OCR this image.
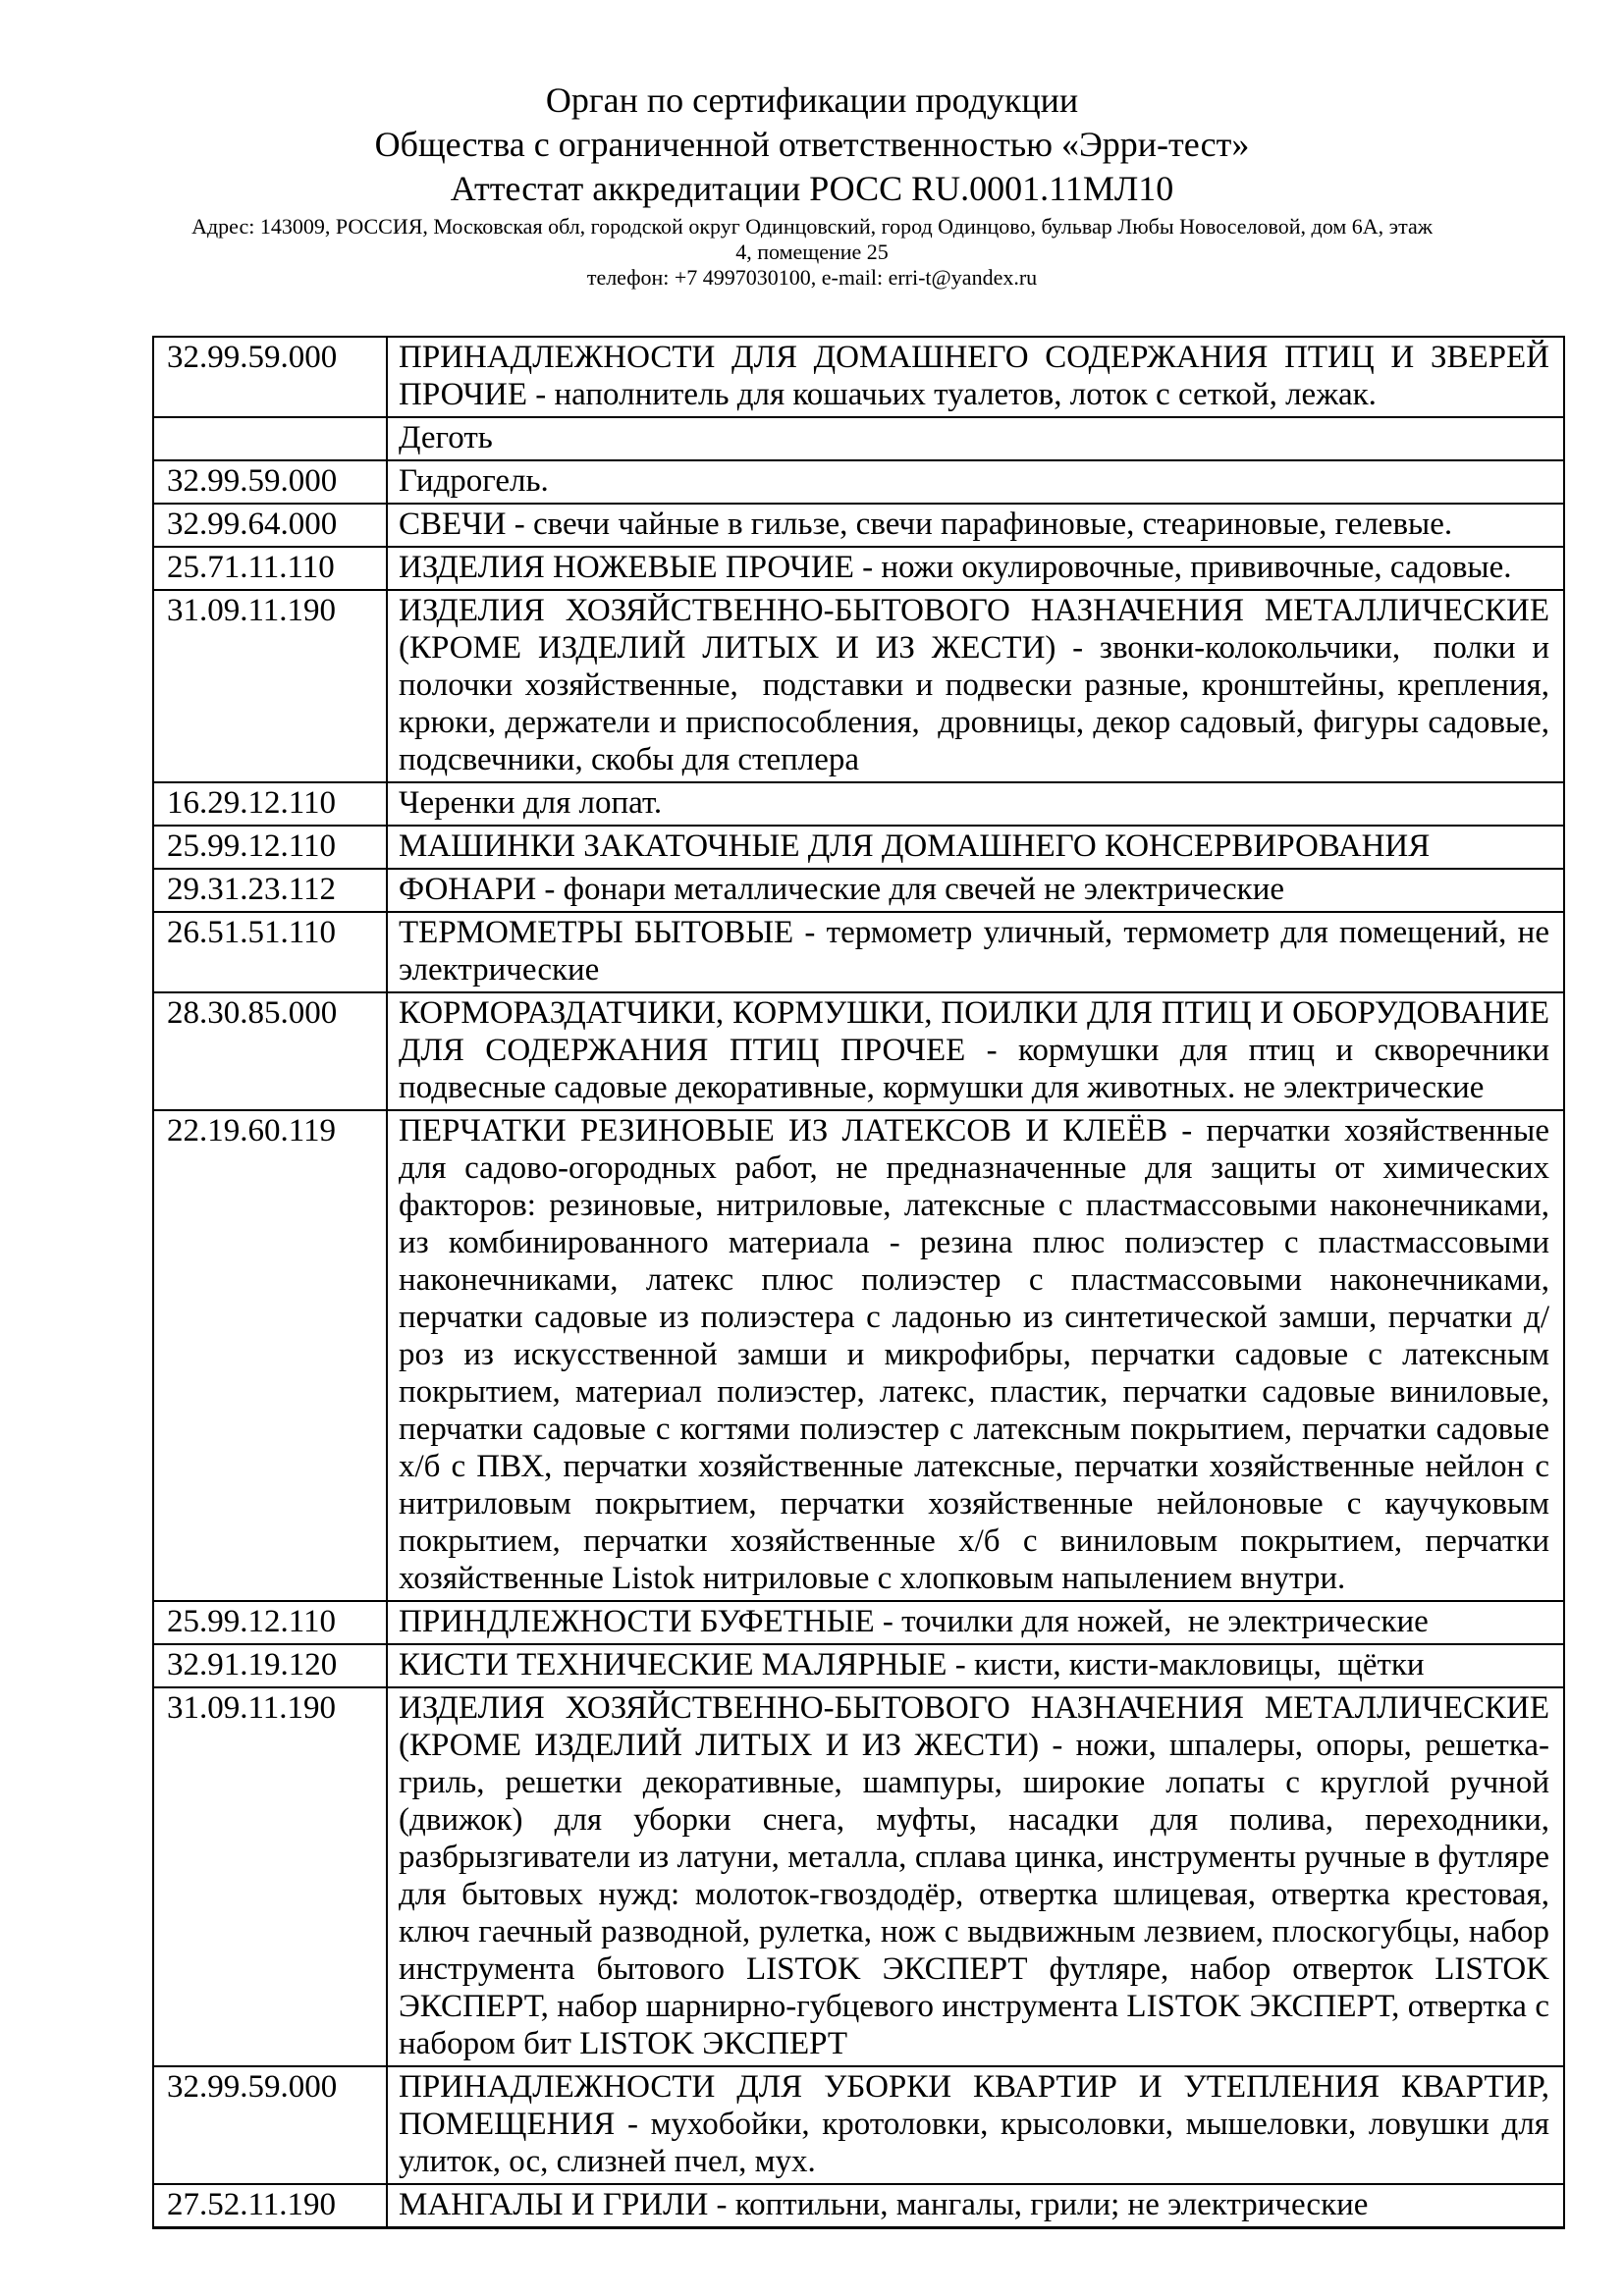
Орган по сертификации продукции
Общества с ограниченной ответственностью «Эрри-тест»
Аттестат аккредитации РОСС RU.0001.11МЛ10
Адрес: 143009, РОССИЯ, Московская обл, городской округ Одинцовский, город Одинцово, бульвар Любы Новоселовой, дом 6А, этаж 4, помещение 25
телефон: +7 4997030100, e-mail: erri-t@yandex.ru
32.99.59.000	ПРИНАДЛЕЖНОСТИ ДЛЯ ДОМАШНЕГО СОДЕРЖАНИЯ ПТИЦ И ЗВЕРЕЙ ПРОЧИЕ - наполнитель для кошачьих туалетов, лоток с сеткой, лежак.
	Деготь
32.99.59.000	Гидрогель.
32.99.64.000	СВЕЧИ - свечи чайные в гильзе, свечи парафиновые, стеариновые, гелевые.
25.71.11.110	ИЗДЕЛИЯ НОЖЕВЫЕ ПРОЧИЕ - ножи окулировочные, прививочные, садовые.
31.09.11.190	ИЗДЕЛИЯ ХОЗЯЙСТВЕННО-БЫТОВОГО НАЗНАЧЕНИЯ МЕТАЛЛИЧЕСКИЕ (КРОМЕ ИЗДЕЛИЙ ЛИТЫХ И ИЗ ЖЕСТИ) - звонки-колокольчики,  полки и полочки хозяйственные,  подставки и подвески разные, кронштейны, крепления, крюки, держатели и приспособления,  дровницы, декор садовый, фигуры садовые, подсвечники, скобы для степлера
16.29.12.110	Черенки для лопат.
25.99.12.110	МАШИНКИ ЗАКАТОЧНЫЕ ДЛЯ ДОМАШНЕГО КОНСЕРВИРОВАНИЯ
29.31.23.112	ФОНАРИ - фонари металлические для свечей не электрические
26.51.51.110	ТЕРМОМЕТРЫ БЫТОВЫЕ - термометр уличный, термометр для помещений, не электрические
28.30.85.000	КОРМОРАЗДАТЧИКИ, КОРМУШКИ, ПОИЛКИ ДЛЯ ПТИЦ И ОБОРУДОВАНИЕ ДЛЯ СОДЕРЖАНИЯ ПТИЦ ПРОЧЕЕ - кормушки для птиц и скворечники подвесные садовые декоративные, кормушки для животных. не электрические
22.19.60.119	ПЕРЧАТКИ РЕЗИНОВЫЕ ИЗ ЛАТЕКСОВ И КЛЕЁВ - перчатки хозяйственные для садово-огородных работ, не предназначенные для защиты от химических факторов: резиновые, нитриловые, латексные с пластмассовыми наконечниками, из комбинированного материала - резина плюс полиэстер с пластмассовыми наконечниками, латекс плюс полиэстер с пластмассовыми наконечниками, перчатки садовые из полиэстера с ладонью из синтетической замши, перчатки д/роз из искусственной замши и микрофибры, перчатки садовые с латексным покрытием, материал полиэстер, латекс, пластик, перчатки садовые виниловые, перчатки садовые с когтями полиэстер с латексным покрытием, перчатки садовые х/б с ПВХ, перчатки хозяйственные латексные, перчатки хозяйственные нейлон с нитриловым покрытием, перчатки хозяйственные нейлоновые с каучуковым покрытием, перчатки хозяйственные х/б с виниловым покрытием, перчатки хозяйственные Listok нитриловые с хлопковым напылением внутри.
25.99.12.110	ПРИНДЛЕЖНОСТИ БУФЕТНЫЕ - точилки для ножей,  не электрические
32.91.19.120	КИСТИ ТЕХНИЧЕСКИЕ МАЛЯРНЫЕ - кисти, кисти-макловицы,  щётки
31.09.11.190	ИЗДЕЛИЯ ХОЗЯЙСТВЕННО-БЫТОВОГО НАЗНАЧЕНИЯ МЕТАЛЛИЧЕСКИЕ (КРОМЕ ИЗДЕЛИЙ ЛИТЫХ И ИЗ ЖЕСТИ) - ножи, шпалеры, опоры, решетка-гриль, решетки декоративные, шампуры, широкие лопаты с круглой ручной (движок) для уборки снега, муфты, насадки для полива, переходники, разбрызгиватели из латуни, металла, сплава цинка, инструменты ручные в футляре для бытовых нужд: молоток-гвоздодёр, отвертка шлицевая, отвертка крестовая, ключ гаечный разводной, рулетка, нож с выдвижным лезвием, плоскогубцы, набор инструмента бытового LISTOK ЭКСПЕРТ футляре, набор отверток LISTOK ЭКСПЕРТ, набор шарнирно-губцевого инструмента LISTOK ЭКСПЕРТ, отвертка с набором бит LISTOK ЭКСПЕРТ
32.99.59.000	ПРИНАДЛЕЖНОСТИ ДЛЯ УБОРКИ КВАРТИР И УТЕПЛЕНИЯ КВАРТИР, ПОМЕЩЕНИЯ - мухобойки, кротоловки, крысоловки, мышеловки, ловушки для улиток, ос, слизней пчел, мух.
27.52.11.190	МАНГАЛЫ И ГРИЛИ - коптильни, мангалы, грили; не электрические
